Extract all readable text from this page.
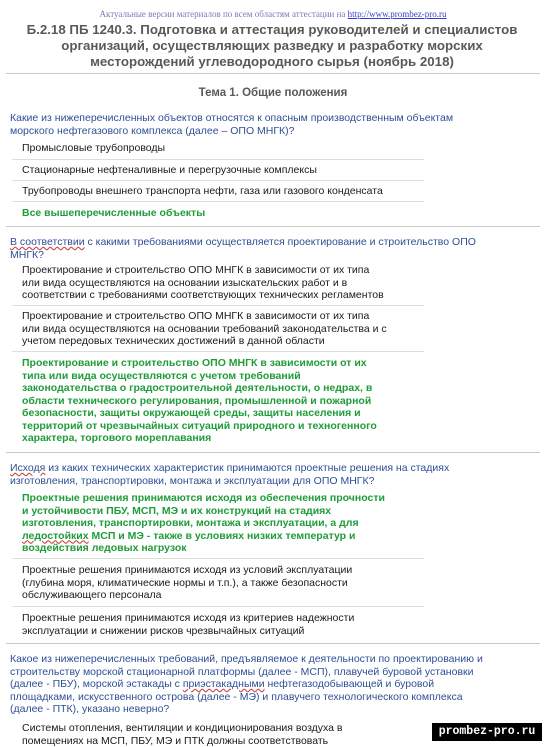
Актуальные версии материалов по всем областям аттестации на http://www.prombez-pro.ru
Б.2.18 ПБ 1240.3. Подготовка и аттестация руководителей и специалистов
организаций, осуществляющих разведку и разработку морских
месторождений углеводородного сырья (ноябрь 2018)
Тема 1. Общие положения
Какие из нижеперечисленных объектов относятся к опасным производственным объектам
морского нефтегазового комплекса (далее – ОПО МНГК)?
Промысловые трубопроводы
Стационарные нефтеналивные и перегрузочные комплексы
Трубопроводы внешнего транспорта нефти, газа или газового конденсата
Все вышеперечисленные объекты
В соответствии с какими требованиями осуществляется проектирование и строительство ОПО
МНГК?
Проектирование и строительство ОПО МНГК в зависимости от их типа
или вида осуществляются на основании изыскательских работ и в
соответствии с требованиями соответствующих технических регламентов
Проектирование и строительство ОПО МНГК в зависимости от их типа
или вида осуществляются на основании требований законодательства и с
учетом передовых технических достижений в данной области
Проектирование и строительство ОПО МНГК в зависимости от их
типа или вида осуществляются с учетом требований
законодательства о градостроительной деятельности, о недрах, в
области технического регулирования, промышленной и пожарной
безопасности, защиты окружающей среды, защиты населения и
территорий от чрезвычайных ситуаций природного и техногенного
характера, торгового мореплавания
Исходя из каких технических характеристик принимаются проектные решения на стадиях
изготовления, транспортировки, монтажа и эксплуатации для ОПО МНГК?
Проектные решения принимаются исходя из обеспечения прочности
и устойчивости ПБУ, МСП, МЭ и их конструкций на стадиях
изготовления, транспортировки, монтажа и эксплуатации, а для
ледостойких МСП и МЭ - также в условиях низких температур и
воздействия ледовых нагрузок
Проектные решения принимаются исходя из условий эксплуатации
(глубина моря, климатические нормы и т.п.), а также безопасности
обслуживающего персонала
Проектные решения принимаются исходя из критериев надежности
эксплуатации и снижении рисков чрезвычайных ситуаций
Какое из нижеперечисленных требований, предъявляемое к деятельности по проектированию и
строительству морской стационарной платформы (далее - МСП), плавучей буровой установки
(далее - ПБУ), морской эстакады с приэстакадными нефтегазодобывающей и буровой
площадками, искусственного острова (далее - МЭ) и плавучего технологического комплекса
(далее - ПТК), указано неверно?
Системы отопления, вентиляции и кондиционирования воздуха в
помещениях на МСП, ПБУ, МЭ и ПТК должны соответствовать
prombez-pro.ru
